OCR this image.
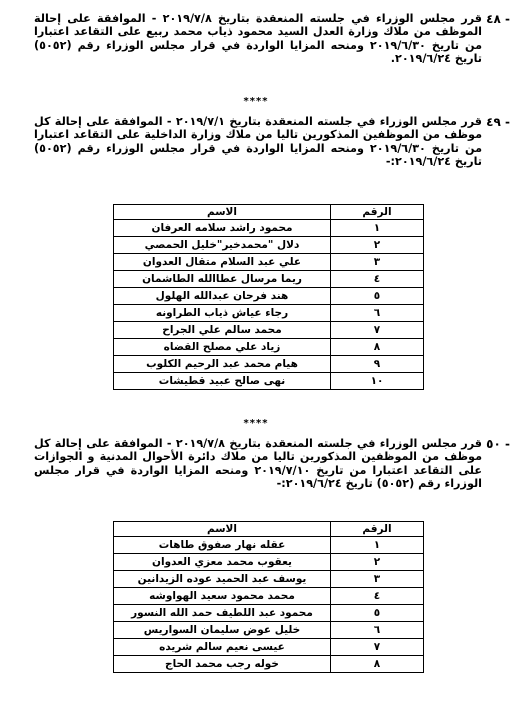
٤٨ -

قرر مجلس الوزراء في جلسته المنعقدة بتاريخ ٢٠١٩/٧/٨ - الموافقة على إحالة الموظف من ملاك وزارة العدل السيد محمود ذياب محمد ربيع على التقاعد اعتبارا من تاريخ ٢٠١٩/٦/٣٠ ومنحه المزايا الواردة في قرار مجلس الوزراء رقم (٥٠٥٢) تاريخ ٢٠١٩/٦/٢٤.

****
٤٩ -

قرر مجلس الوزراء في جلسته المنعقدة بتاريخ ٢٠١٩/٧/١ - الموافقة على إحالة كل موظف من الموظفين المذكورين تاليا من ملاك وزارة الداخلية على التقاعد اعتبارا من تاريخ ٢٠١٩/٦/٣٠ ومنحه المزايا الواردة في قرار مجلس الوزراء رقم (٥٠٥٢) تاريخ ٢٠١٩/٦/٢٤:-

الرقم	الاسم
١	محمود راشد سلامه العرفان
٢	دلال "محمدخير"خليل الحمصي
٣	علي عبد السلام متقال العدوان
٤	ريما مرسال عطاالله الطاشمان
٥	هند فرحان عبدالله الهلول
٦	رجاء عياش ذياب الطراونه
٧	محمد سالم علي الجراح
٨	زياد علي مصلح القضاه
٩	هيام محمد عبد الرحيم الكلوب
١٠	نهى صالح عبيد قطيشات
****
٥٠ -

قرر مجلس الوزراء في جلسته المنعقدة بتاريخ ٢٠١٩/٧/٨ - الموافقة على إحالة كل موظف من الموظفين المذكورين تاليا من ملاك دائرة الأحوال المدنية و الجوازات على التقاعد اعتبارا من تاريخ ٢٠١٩/٧/١٠ ومنحه المزايا الواردة في قرار مجلس الوزراء رقم (٥٠٥٢) تاريخ ٢٠١٩/٦/٢٤:-

الرقم	الاسم
١	عقله نهار صفوق طاهات
٢	يعقوب محمد معزي العدوان
٣	يوسف عبد الحميد عوده الزيدانين
٤	محمد محمود سعيد الهواوشه
٥	محمود عبد اللطيف حمد الله النسور
٦	خليل عوض سليمان السواريس
٧	عيسى نعيم سالم شريده
٨	خوله رجب محمد الحاج
